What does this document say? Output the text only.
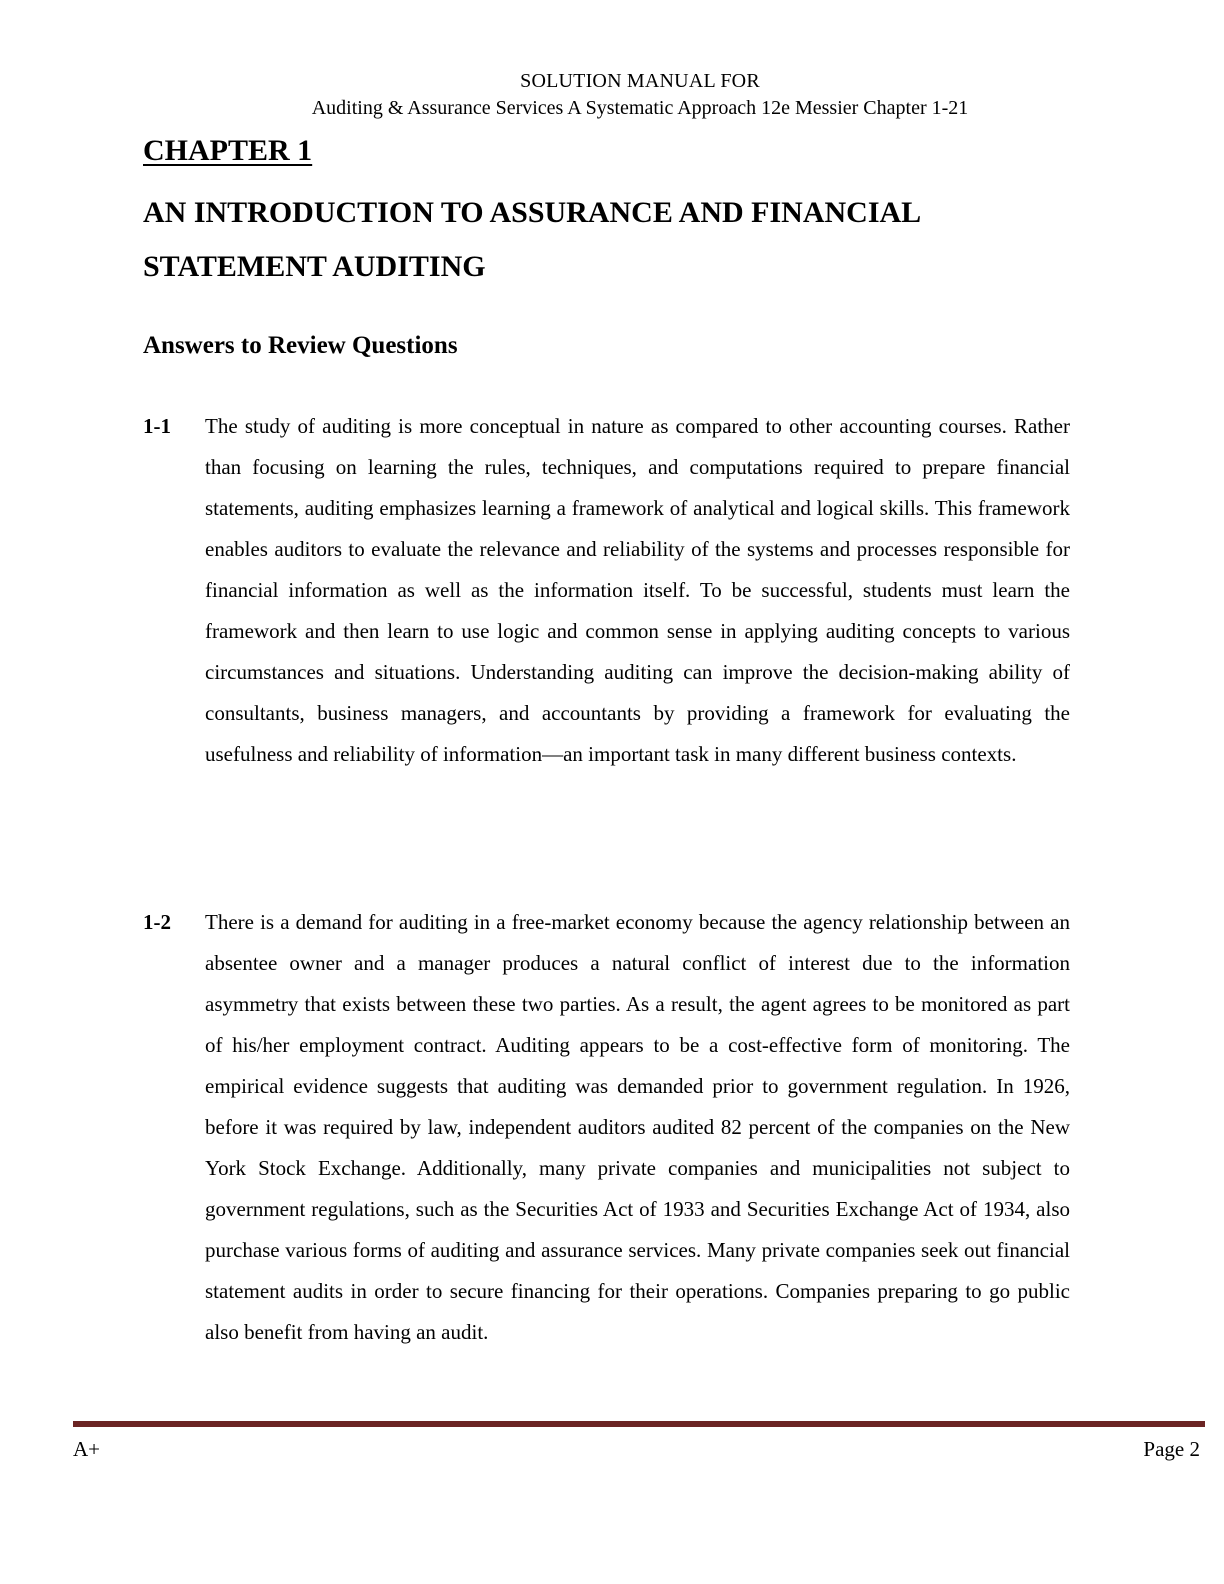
SOLUTION MANUAL FOR
Auditing & Assurance Services A Systematic Approach 12e Messier Chapter 1-21
CHAPTER 1
AN INTRODUCTION TO ASSURANCE AND FINANCIAL STATEMENT AUDITING
Answers to Review Questions
1-1 The study of auditing is more conceptual in nature as compared to other accounting courses. Rather than focusing on learning the rules, techniques, and computations required to prepare financial statements, auditing emphasizes learning a framework of analytical and logical skills. This framework enables auditors to evaluate the relevance and reliability of the systems and processes responsible for financial information as well as the information itself. To be successful, students must learn the framework and then learn to use logic and common sense in applying auditing concepts to various circumstances and situations. Understanding auditing can improve the decision-making ability of consultants, business managers, and accountants by providing a framework for evaluating the usefulness and reliability of information—an important task in many different business contexts.
1-2 There is a demand for auditing in a free-market economy because the agency relationship between an absentee owner and a manager produces a natural conflict of interest due to the information asymmetry that exists between these two parties. As a result, the agent agrees to be monitored as part of his/her employment contract. Auditing appears to be a cost-effective form of monitoring. The empirical evidence suggests that auditing was demanded prior to government regulation. In 1926, before it was required by law, independent auditors audited 82 percent of the companies on the New York Stock Exchange. Additionally, many private companies and municipalities not subject to government regulations, such as the Securities Act of 1933 and Securities Exchange Act of 1934, also purchase various forms of auditing and assurance services. Many private companies seek out financial statement audits in order to secure financing for their operations. Companies preparing to go public also benefit from having an audit.
A+	Page 2
